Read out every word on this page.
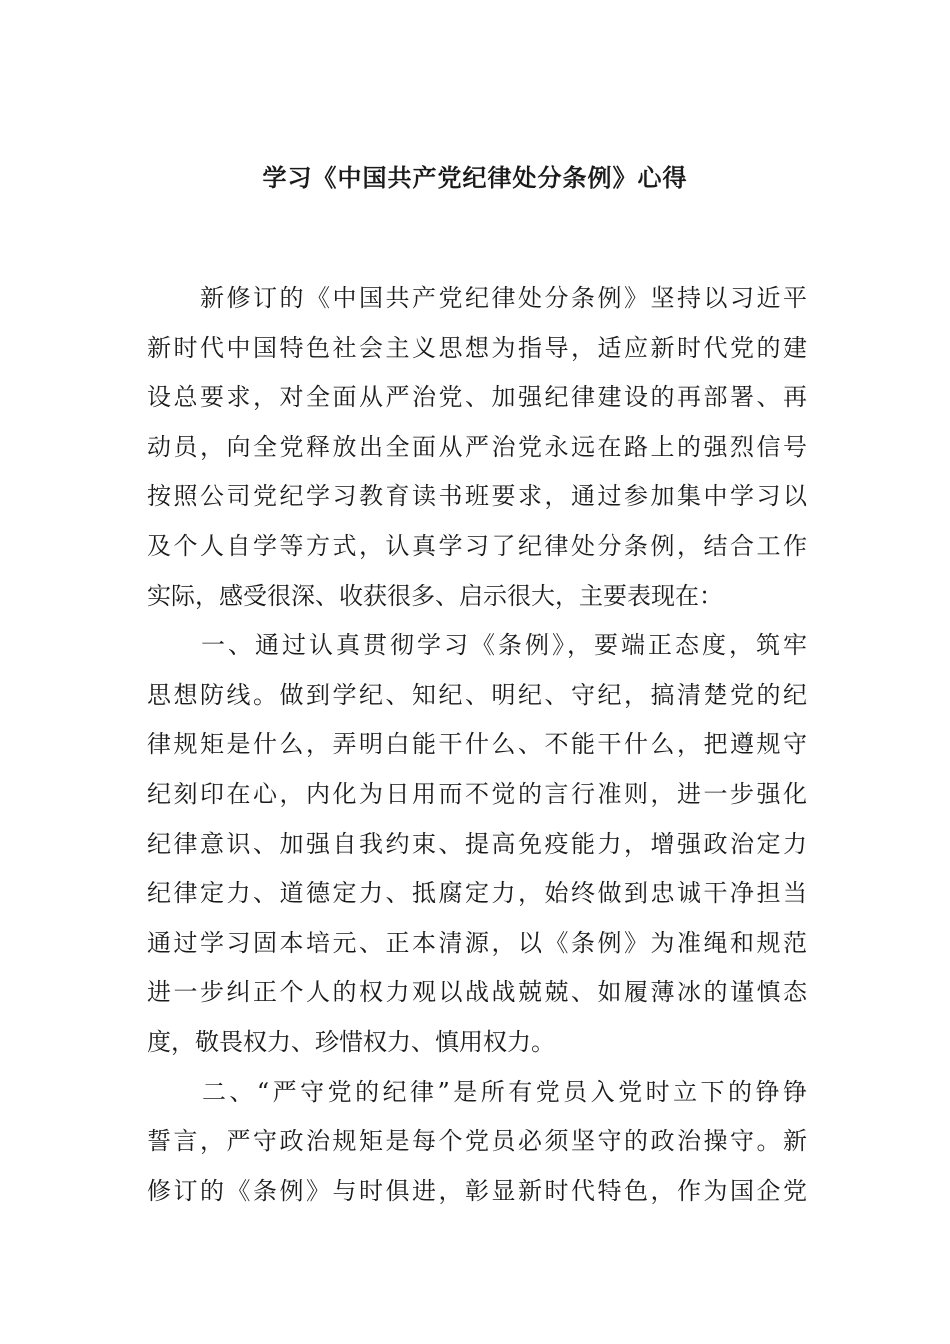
学习《中国共产党纪律处分条例》心得
　　新修订的《中国共产党纪律处分条例》坚持以习近平
新时代中国特色社会主义思想为指导，适应新时代党的建
设总要求，对全面从严治党、加强纪律建设的再部署、再
动员，向全党释放出全面从严治党永远在路上的强烈信号
按照公司党纪学习教育读书班要求，通过参加集中学习以
及个人自学等方式，认真学习了纪律处分条例，结合工作
实际，感受很深、收获很多、启示很大，主要表现在：
　　一、通过认真贯彻学习《条例》，要端正态度，筑牢
思想防线。做到学纪、知纪、明纪、守纪，搞清楚党的纪
律规矩是什么，弄明白能干什么、不能干什么，把遵规守
纪刻印在心，内化为日用而不觉的言行准则，进一步强化
纪律意识、加强自我约束、提高免疫能力，增强政治定力
纪律定力、道德定力、抵腐定力，始终做到忠诚干净担当
通过学习固本培元、正本清源，以《条例》为准绳和规范
进一步纠正个人的权力观以战战兢兢、如履薄冰的谨慎态
度，敬畏权力、珍惜权力、慎用权力。
　　二、“严守党的纪律”是所有党员入党时立下的铮铮
誓言，严守政治规矩是每个党员必须坚守的政治操守。新
修订的《条例》与时俱进，彰显新时代特色，作为国企党
